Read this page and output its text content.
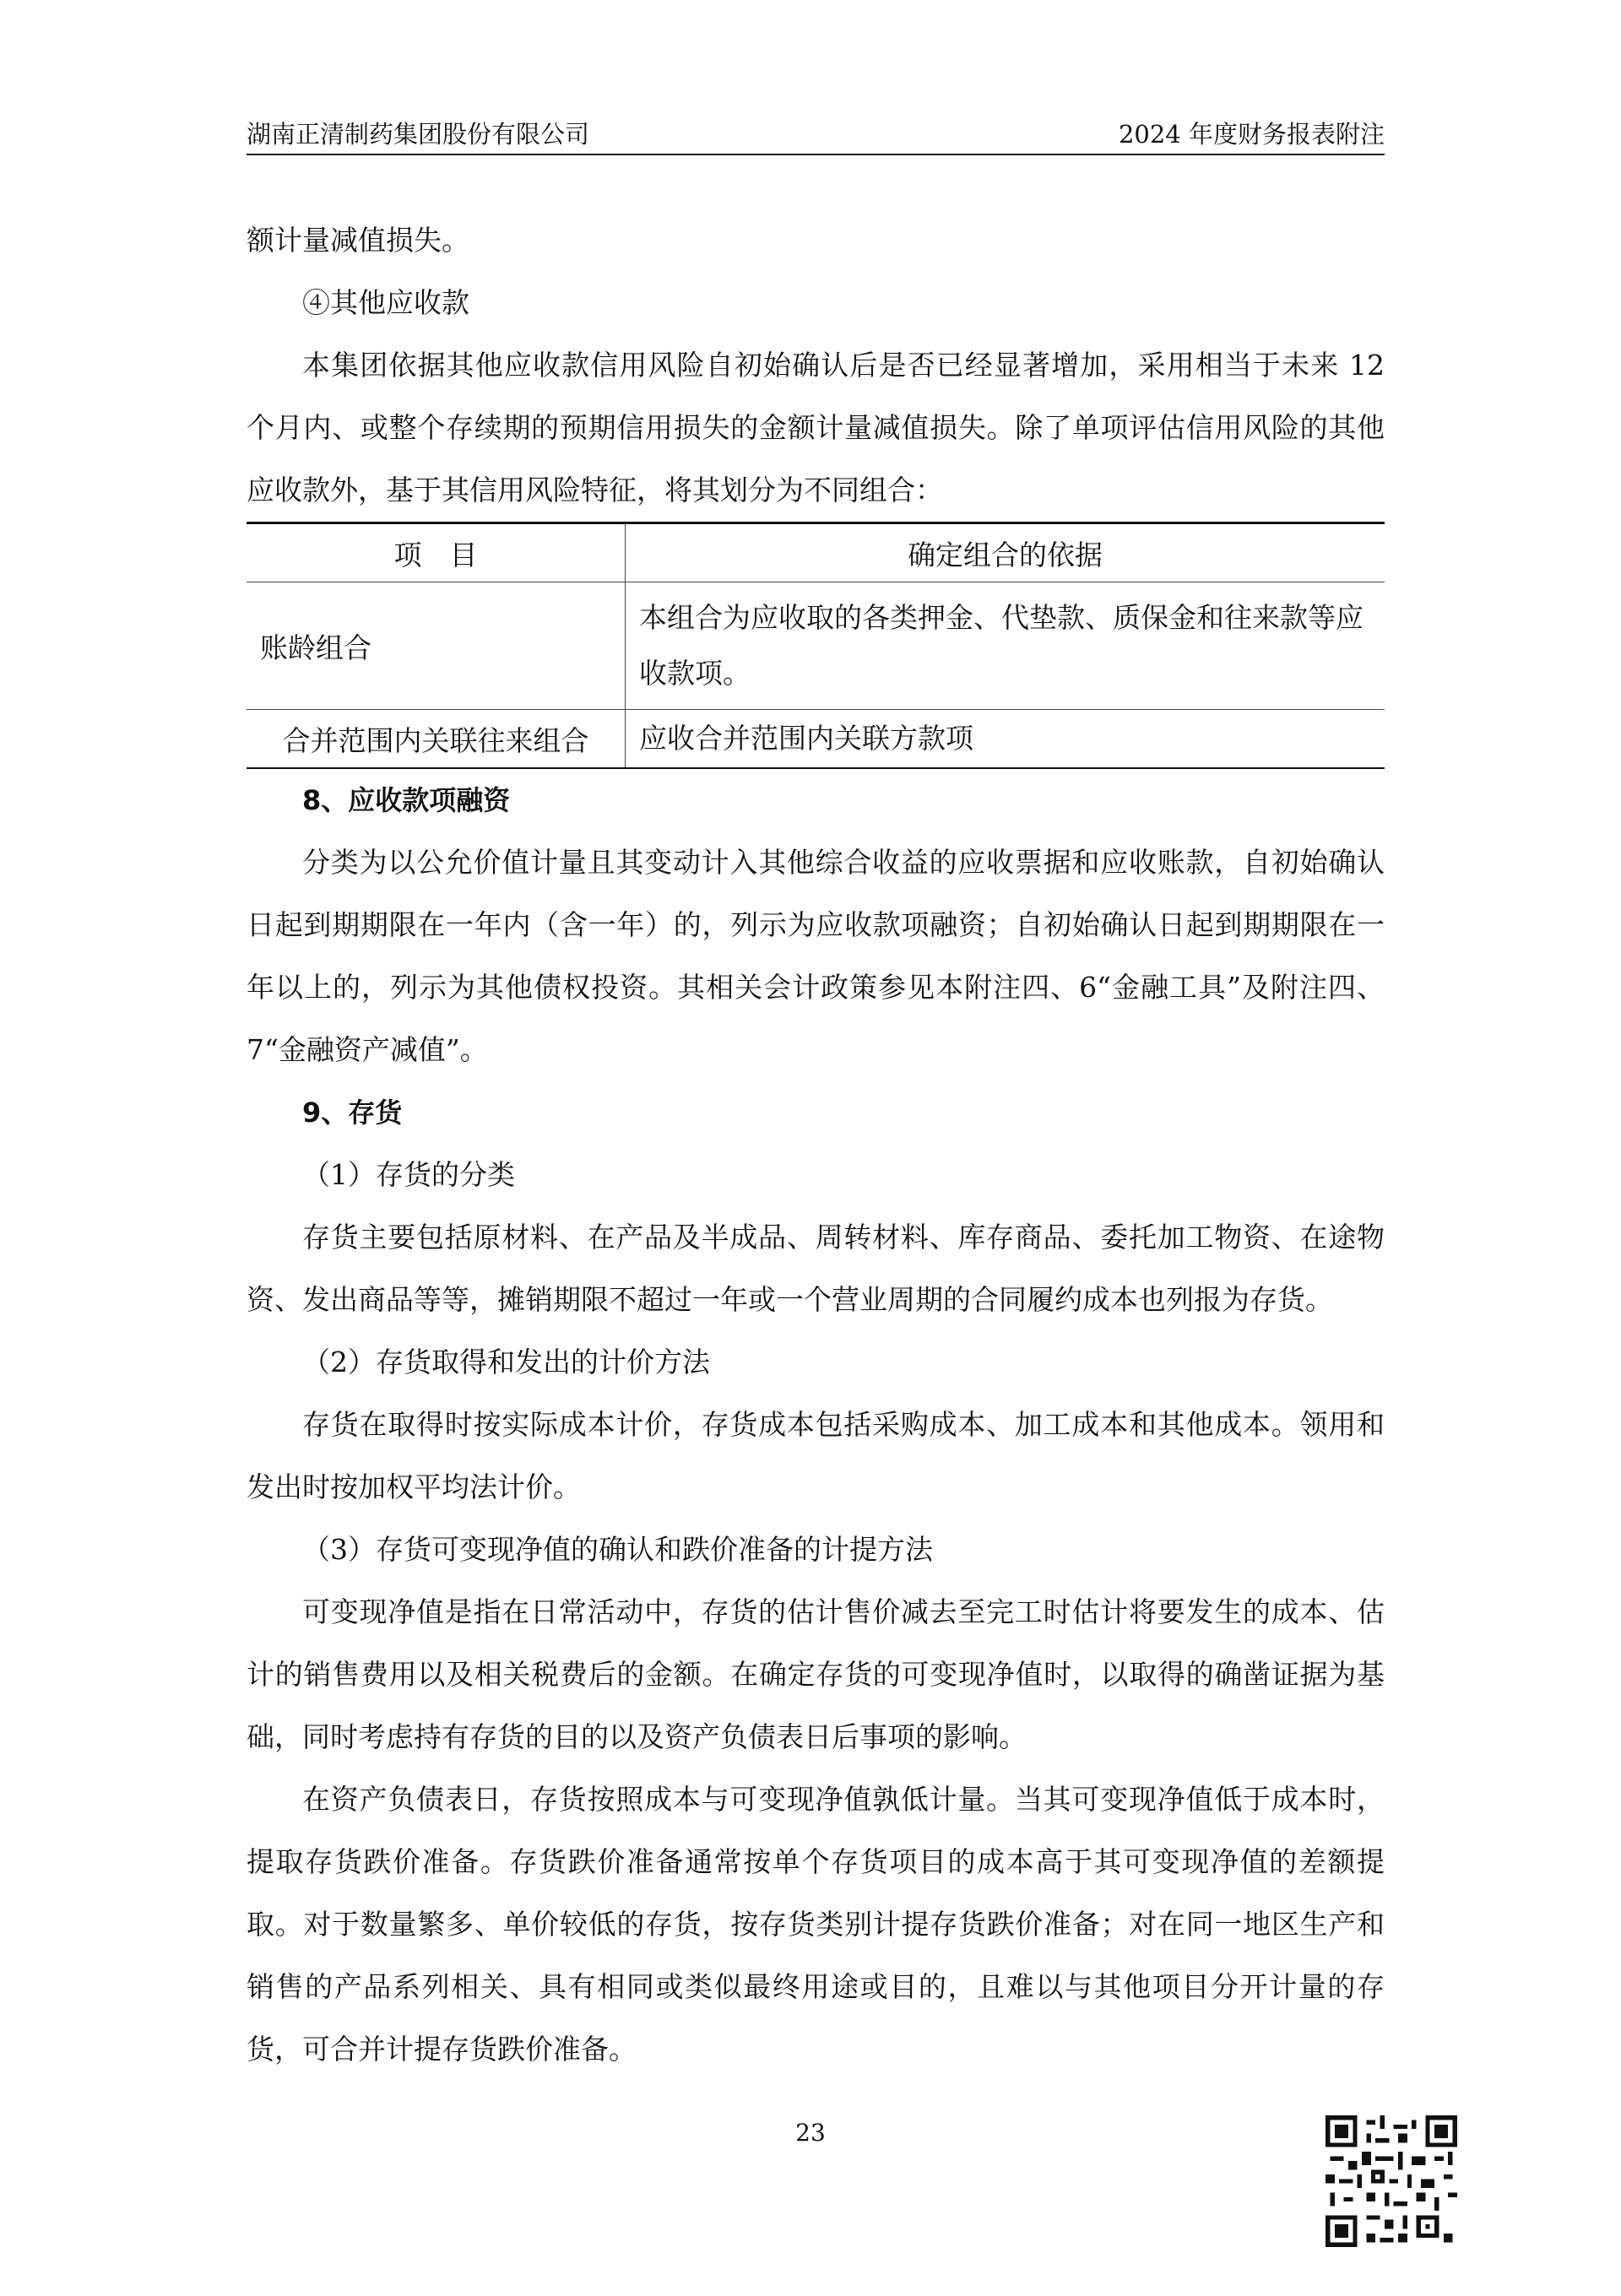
湖南正清制药集团股份有限公司	2024 年度财务报表附注

额计量减值损失。

④其他应收款

本集团依据其他应收款信用风险自初始确认后是否已经显著增加，采用相当于未来 12 个月内、或整个存续期的预期信用损失的金额计量减值损失。除了单项评估信用风险的其他应收款外，基于其信用风险特征，将其划分为不同组合：

项　目	确定组合的依据
账龄组合	本组合为应收取的各类押金、代垫款、质保金和往来款等应收款项。
合并范围内关联往来组合	应收合并范围内关联方款项

8、应收款项融资

分类为以公允价值计量且其变动计入其他综合收益的应收票据和应收账款，自初始确认日起到期期限在一年内（含一年）的，列示为应收款项融资；自初始确认日起到期期限在一年以上的，列示为其他债权投资。其相关会计政策参见本附注四、6“金融工具”及附注四、7“金融资产减值”。

9、存货

（1）存货的分类

存货主要包括原材料、在产品及半成品、周转材料、库存商品、委托加工物资、在途物资、发出商品等等，摊销期限不超过一年或一个营业周期的合同履约成本也列报为存货。

（2）存货取得和发出的计价方法

存货在取得时按实际成本计价，存货成本包括采购成本、加工成本和其他成本。领用和发出时按加权平均法计价。

（3）存货可变现净值的确认和跌价准备的计提方法

可变现净值是指在日常活动中，存货的估计售价减去至完工时估计将要发生的成本、估计的销售费用以及相关税费后的金额。在确定存货的可变现净值时，以取得的确凿证据为基础，同时考虑持有存货的目的以及资产负债表日后事项的影响。

在资产负债表日，存货按照成本与可变现净值孰低计量。当其可变现净值低于成本时，提取存货跌价准备。存货跌价准备通常按单个存货项目的成本高于其可变现净值的差额提取。对于数量繁多、单价较低的存货，按存货类别计提存货跌价准备；对在同一地区生产和销售的产品系列相关、具有相同或类似最终用途或目的，且难以与其他项目分开计量的存货，可合并计提存货跌价准备。

23
